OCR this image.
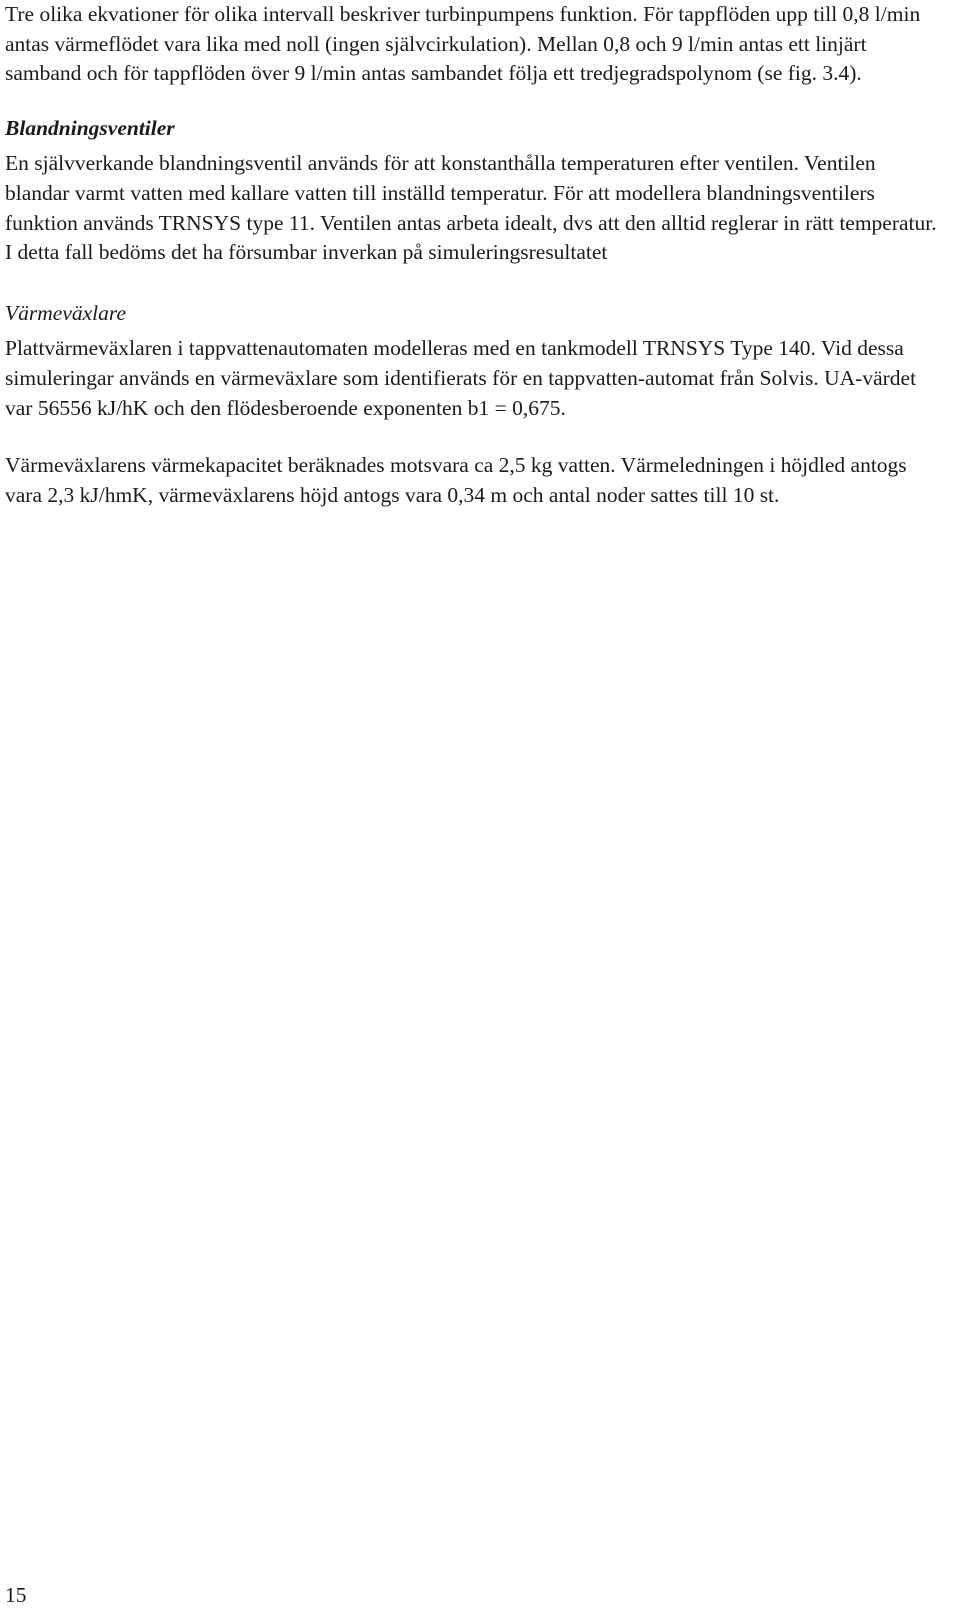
Tre olika ekvationer för olika intervall beskriver turbinpumpens funktion. För tappflöden upp till 0,8 l/min antas värmeflödet vara lika med noll (ingen självcirkulation). Mellan 0,8 och 9 l/min antas ett linjärt samband och för tappflöden över 9 l/min antas sambandet följa ett tredjegradspolynom (se fig. 3.4).

Blandningsventiler

En självverkande blandningsventil används för att konstanthålla temperaturen efter ventilen. Ventilen blandar varmt vatten med kallare vatten till inställd temperatur. För att modellera blandningsventilers funktion används TRNSYS type 11. Ventilen antas arbeta idealt, dvs att den alltid reglerar in rätt temperatur. I detta fall bedöms det ha försumbar inverkan på simuleringsresultatet

Värmeväxlare

Plattvärmeväxlaren i tappvattenautomaten modelleras med en tankmodell TRNSYS Type 140. Vid dessa simuleringar används en värmeväxlare som identifierats för en tappvatten-automat från Solvis. UA-värdet var 56556 kJ/hK och den flödesberoende exponenten b1 = 0,675.

Värmeväxlarens värmekapacitet beräknades motsvara ca 2,5 kg vatten. Värmeledningen i höjdled antogs vara 2,3 kJ/hmK, värmeväxlarens höjd antogs vara 0,34 m och antal noder sattes till 10 st.

15
